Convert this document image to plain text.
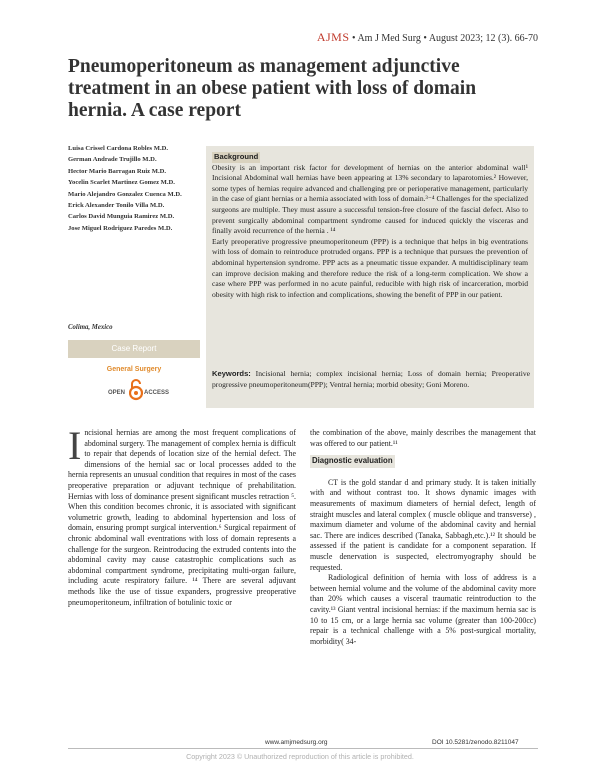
AJMS • Am J Med Surg • August 2023; 12 (3). 66-70
Pneumoperitoneum as management adjunctive treatment in an obese patient with loss of domain hernia. A case report
Luisa Crissel Cardona Robles M.D.
German Andrade Trujillo M.D.
Hector Mario Barragan Ruiz M.D.
Yocelin Scarlet Martinez Gomez M.D.
Mario Alejandro Gonzalez Cuenca M.D.
Erick Alexander Tonilo Villa M.D.
Carlos David Munguia Ramirez M.D.
Jose Miguel Rodriguez Paredes M.D.
Colima, Mexico
Case Report
General Surgery
OPEN	ACCESS
Background

Obesity is an important risk factor for development of hernias on the anterior abdominal wall¹ Incisional Abdominal wall hernias have been appearing at 13% secondary to laparotomies.² However, some types of hernias require advanced and challenging pre or perioperative management, particularly in the case of giant hernias or a hernia associated with loss of domain.³⁻⁴ Challenges for the specialized surgeons are multiple. They must assure a successful tension-free closure of the fascial defect. Also to prevent surgically abdominal compartment syndrome caused for induced quickly the visceras and finally avoid recurrence of the hernia . ¹⁴

Early preoperative progressive pneumoperitoneum (PPP) is a technique that helps in big eventrations with loss of domain to reintroduce protruded organs. PPP is a technique that pursues the prevention of abdominal hypertension syndrome. PPP acts as a pneumatic tissue expander. A multidisciplinary team can improve decision making and therefore reduce the risk of a long-term complication. We show a case where PPP was performed in no acute painful, reducible with high risk of incarceration, morbid obesity with high risk to infection and complications, showing the benefit of PPP in our patient.

Keywords: Incisional hernia; complex incisional hernia; Loss of domain hernia; Preoperative progressive pneumoperitoneum(PPP); Ventral hernia; morbid obesity; Goni Moreno.
I ncisional hernias are among the most frequent complications of abdominal surgery. The management of complex hernia is difficult to repair that depends of location size of the hernial defect. The dimensions of the hernial sac or local processes added to the hernia represents an unusual condition that requires in most of the cases preoperative preparation or adjuvant technique of prehabilitation. Hernias with loss of dominance present significant muscles retraction ⁵. When this condition becomes chronic, it is associated with significant volumetric growth, leading to abdominal hypertension and loss of domain, ensuring prompt surgical intervention.⁶ Surgical repairment of chronic abdominal wall eventrations with loss of domain represents a challenge for the surgeon. Reintroducing the extruded contents into the abdominal cavity may cause catastrophic complications such as abdominal compartment syndrome, precipitating multi-organ failure, including acute respiratory failure. ¹⁴ There are several adjuvant methods like the use of tissue expanders, progressive preoperative pneumoperitoneum, infiltration of botulinic toxic or

the combination of the above, mainly describes the management that was offered to our patient.¹¹

Diagnostic evaluation

CT is the gold standar d and primary study. It is taken initially with and without contrast too. It shows dynamic images with measurements of maximum diameters of hernial defect, length of straight muscles and lateral complex ( muscle oblique and transverse) , maximum diameter and volume of the abdominal cavity and hernial sac. There are indices described (Tanaka, Sabbagh,etc.).¹² It should be assessed if the patient is candidate for a component separation. If muscle denervation is suspected, electromyography should be requested.

Radiological definition of hernia with loss of address is a between hernial volume and the volume of the abdominal cavity more than 20% which causes a visceral traumatic reintroduction to the cavity.¹³ Giant ventral incisional hernias: if the maximum hernia sac is 10 to 15 cm, or a large hernia sac volume (greater than 100-200cc) repair is a technical challenge with a 5% post-surgical mortality, morbidity( 34-

www.amjmedsurg.org	DOI 10.5281/zenodo.8211047
Copyright 2023 © Unauthorized reproduction of this article is prohibited.
